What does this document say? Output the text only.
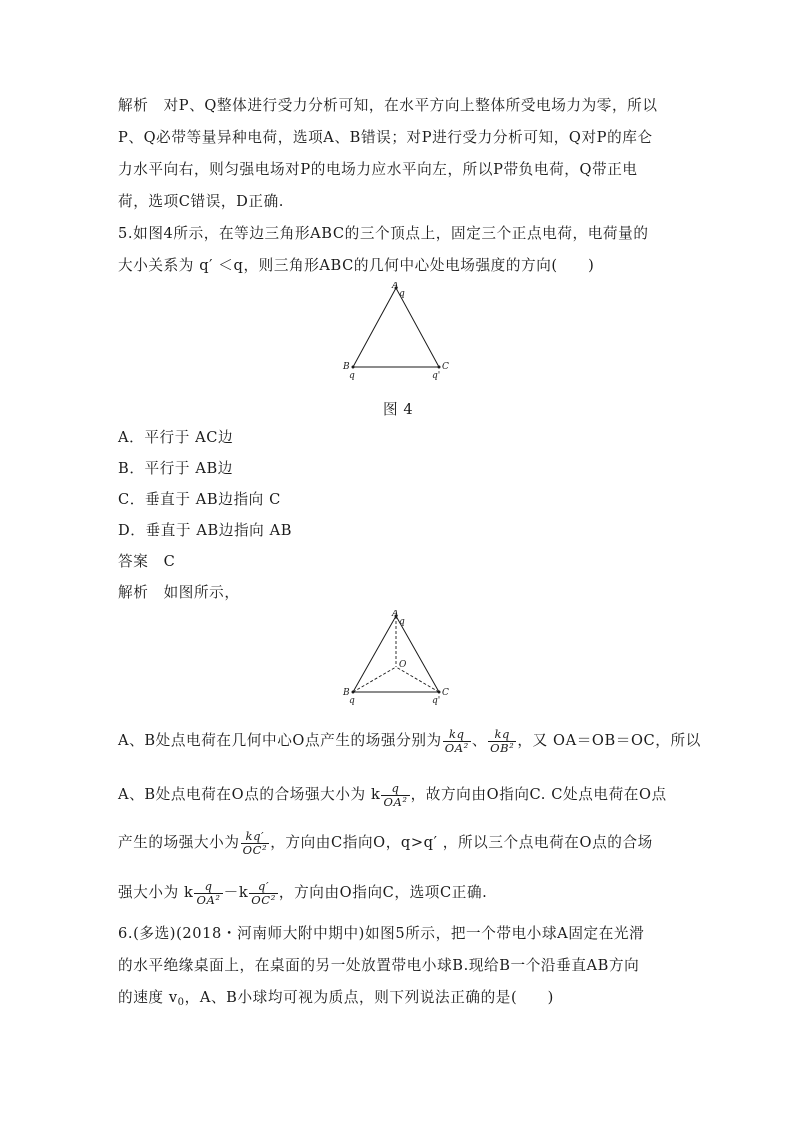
解析　对P、Q整体进行受力分析可知，在水平方向上整体所受电场力为零，所以
P、Q必带等量异种电荷，选项A、B错误；对P进行受力分析可知，Q对P的库仑
力水平向右，则匀强电场对P的电场力应水平向左，所以P带负电荷，Q带正电
荷，选项C错误，D正确.
5.如图4所示，在等边三角形ABC的三个顶点上，固定三个正点电荷，电荷量的
大小关系为 q′ ＜q，则三角形ABC的几何中心处电场强度的方向(　　)
A
q
B
q
C
q'
图 4
A．平行于 AC边
B．平行于 AB边
C．垂直于 AB边指向 C
D．垂直于 AB边指向 AB
答案　C
解析　如图所示，
A
q
O
B
q
C
q'
A、B处点电荷在几何中心O点产生的场强分别为 $\frac{kq}{\text{OA²}}$ 、 $\frac{kq}{\text{OB²}}$ ，又 OA＝OB＝OC，所以
A、B处点电荷在O点的合场强大小为 k $\frac{q}{\text{OA²}}$ ，故方向由O指向C. C处点电荷在O点
产生的场强大小为 $\frac{kq'}{\text{OC²}}$ ，方向由C指向O，q>q′ ，所以三个点电荷在O点的合场
强大小为 k $\frac{q}{\text{OA²}} -k \frac{q'}{\text{OC²}}$ ，方向由O指向C，选项C正确.
6.(多选)(2018・河南师大附中期中)如图5所示，把一个带电小球A固定在光滑
的水平绝缘桌面上，在桌面的另一处放置带电小球B.现给B一个沿垂直AB方向
的速度 $v_0$，A、B小球均可视为质点，则下列说法正确的是(　　)
